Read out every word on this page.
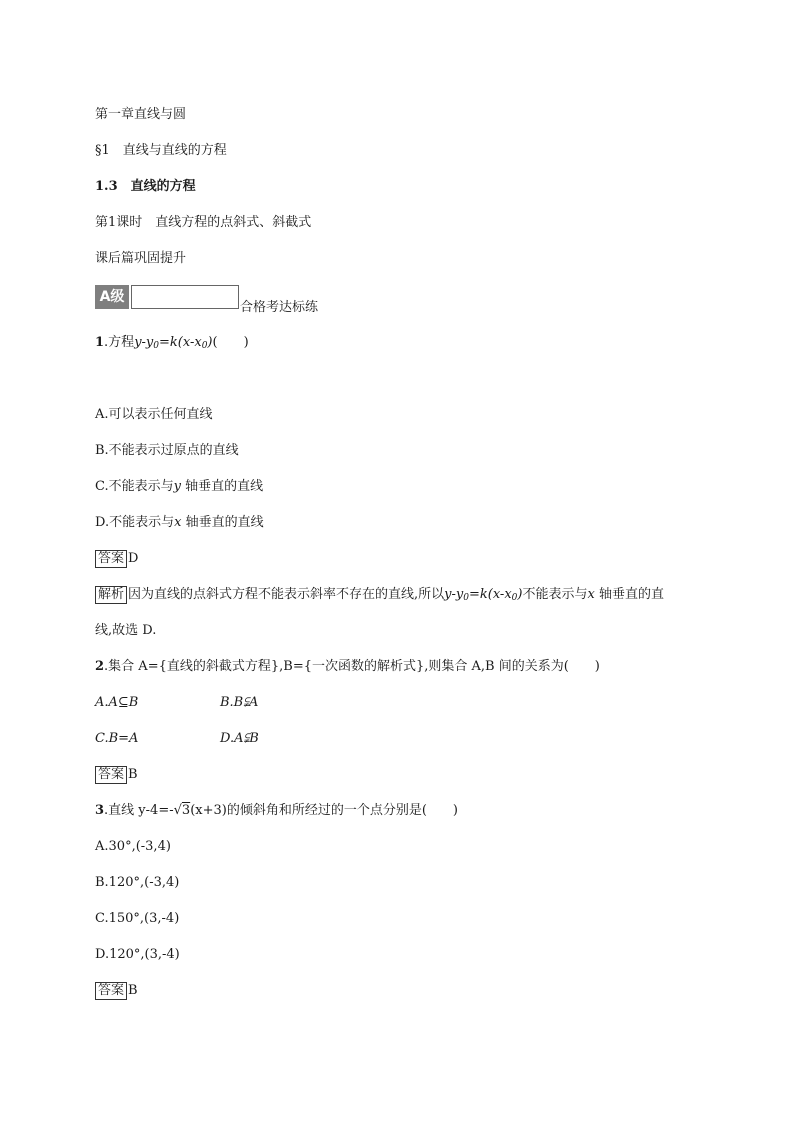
第一章直线与圆
§1　直线与直线的方程
1.3　直线的方程
第1课时　直线方程的点斜式、斜截式
课后篇巩固提升
A级
合格考达标练
1.方程$y-y_0=k(x-x_0)$(　　)
A.可以表示任何直线
B.不能表示过原点的直线
C.不能表示与y 轴垂直的直线
D.不能表示与x 轴垂直的直线
答案 D
解析 因为直线的点斜式方程不能表示斜率不存在的直线,所以$y-y_0=k(x-x_0)$不能表示与x 轴垂直的直
线,故选 D.
2.集合 A={直线的斜截式方程},B={一次函数的解析式},则集合 A,B 间的关系为(　　)
A.A⊆B	B.B⫋A
C.B=A	D.A⫋B
答案 B
3.直线 y-4=-√3(x+3)的倾斜角和所经过的一个点分别是(　　)
A.30°,(-3,4)
B.120°,(-3,4)
C.150°,(3,-4)
D.120°,(3,-4)
答案 B
